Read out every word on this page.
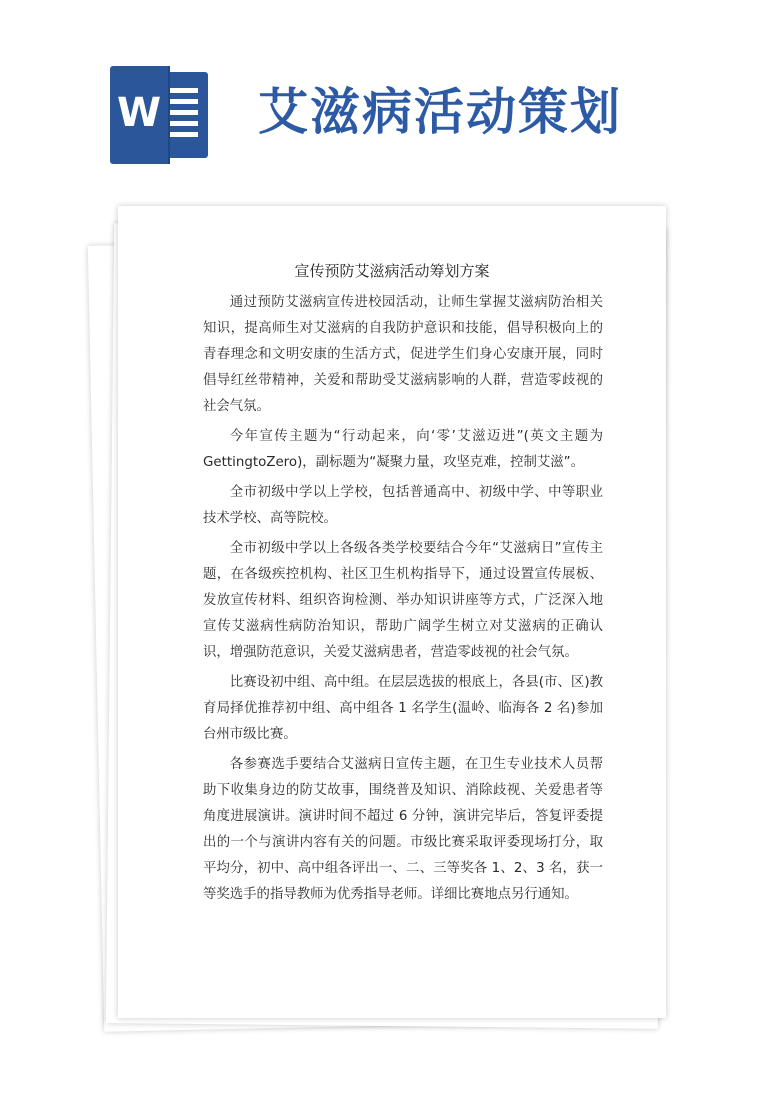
W 艾滋病活动策划
宣传预防艾滋病活动筹划方案

通过预防艾滋病宣传进校园活动，让师生掌握艾滋病防治相关知识，提高师生对艾滋病的自我防护意识和技能，倡导积极向上的青春理念和文明安康的生活方式，促进学生们身心安康开展，同时倡导红丝带精神，关爱和帮助受艾滋病影响的人群，营造零歧视的社会气氛。

今年宣传主题为“行动起来，向‘零’艾滋迈进”(英文主题为GettingtoZero)，副标题为“凝聚力量，攻坚克难，控制艾滋”。

全市初级中学以上学校，包括普通高中、初级中学、中等职业技术学校、高等院校。

全市初级中学以上各级各类学校要结合今年“艾滋病日”宣传主题，在各级疾控机构、社区卫生机构指导下，通过设置宣传展板、发放宣传材料、组织咨询检测、举办知识讲座等方式，广泛深入地宣传艾滋病性病防治知识，帮助广阔学生树立对艾滋病的正确认识，增强防范意识，关爱艾滋病患者，营造零歧视的社会气氛。

比赛设初中组、高中组。在层层选拔的根底上，各县(市、区)教育局择优推荐初中组、高中组各 1 名学生(温岭、临海各 2 名)参加台州市级比赛。

各参赛选手要结合艾滋病日宣传主题，在卫生专业技术人员帮助下收集身边的防艾故事，围绕普及知识、消除歧视、关爱患者等角度进展演讲。演讲时间不超过 6 分钟，演讲完毕后，答复评委提出的一个与演讲内容有关的问题。市级比赛采取评委现场打分，取平均分，初中、高中组各评出一、二、三等奖各 1、2、3 名，获一等奖选手的指导教师为优秀指导老师。详细比赛地点另行通知。
